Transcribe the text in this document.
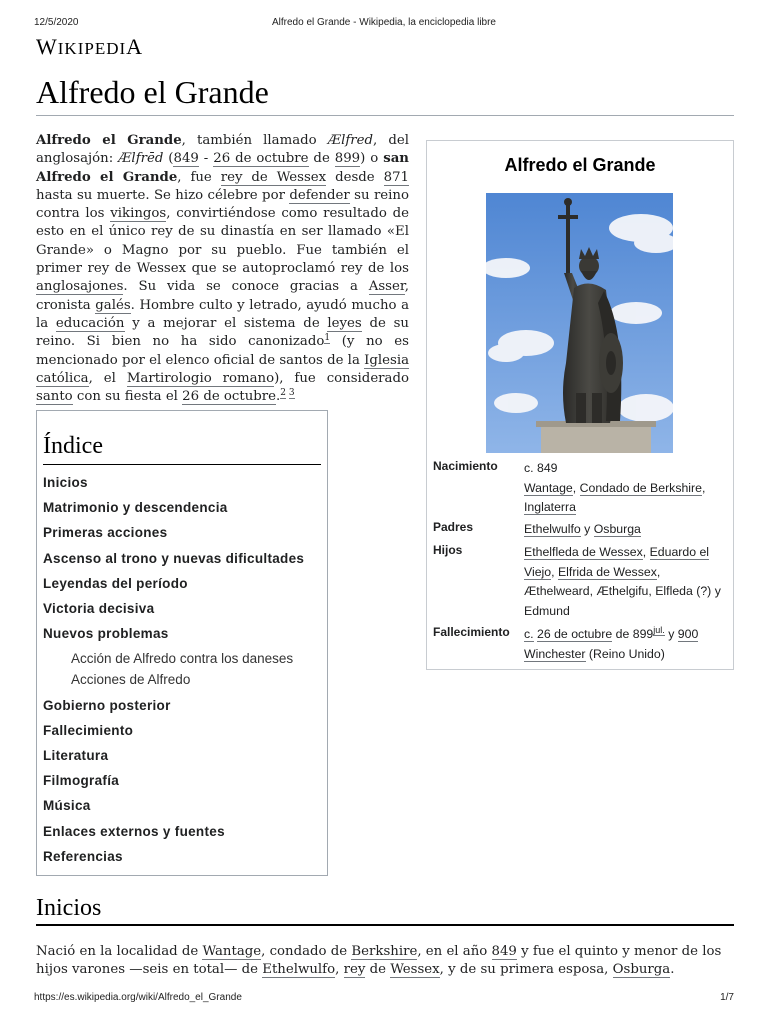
12/5/2020	Alfredo el Grande - Wikipedia, la enciclopedia libre
WIKIPEDIA
Alfredo el Grande

Alfredo el Grande, también llamado Ælfred, del anglosajón: Ælfrēd (849 - 26 de octubre de 899) o san Alfredo el Grande, fue rey de Wessex desde 871 hasta su muerte. Se hizo célebre por defender su reino contra los vikingos, convirtiéndose como resultado de esto en el único rey de su dinastía en ser llamado «El Grande» o Magno por su pueblo. Fue también el primer rey de Wessex que se autoproclamó rey de los anglosajones. Su vida se conoce gracias a Asser, cronista galés. Hombre culto y letrado, ayudó mucho a la educación y a mejorar el sistema de leyes de su reino. Si bien no ha sido canonizado$^1$ (y no es mencionado por el elenco oficial de santos de la Iglesia católica, el Martirologio romano), fue considerado santo con su fiesta el 26 de octubre.$^{2 3}$

Alfredo el Grande
Nacimiento c. 849
Wantage, Condado de Berkshire, Inglaterra
Padres	Ethelwulfo y Osburga
Hijos	Ethelfleda de Wessex, Eduardo el Viejo, Elfrida de Wessex, Æthelweard, Æthelgifu, Elfleda (?) y Edmund
Fallecimiento c. 26 de octubre de $899^{jul.}$ y 900
Winchester (Reino Unido)
Índice
Inicios
Matrimonio y descendencia
Primeras acciones
Ascenso al trono y nuevas dificultades
Leyendas del período
Victoria decisiva
Nuevos problemas
Acción de Alfredo contra los daneses
Acciones de Alfredo
Gobierno posterior
Fallecimiento
Literatura
Filmografía
Música
Enlaces externos y fuentes
Referencias
Inicios

Nació en la localidad de Wantage, condado de Berkshire, en el año 849 y fue el quinto y menor de los hijos varones —seis en total— de Ethelwulfo, rey de Wessex, y de su primera esposa, Osburga.

https://es.wikipedia.org/wiki/Alfredo_el_Grande	1/7
